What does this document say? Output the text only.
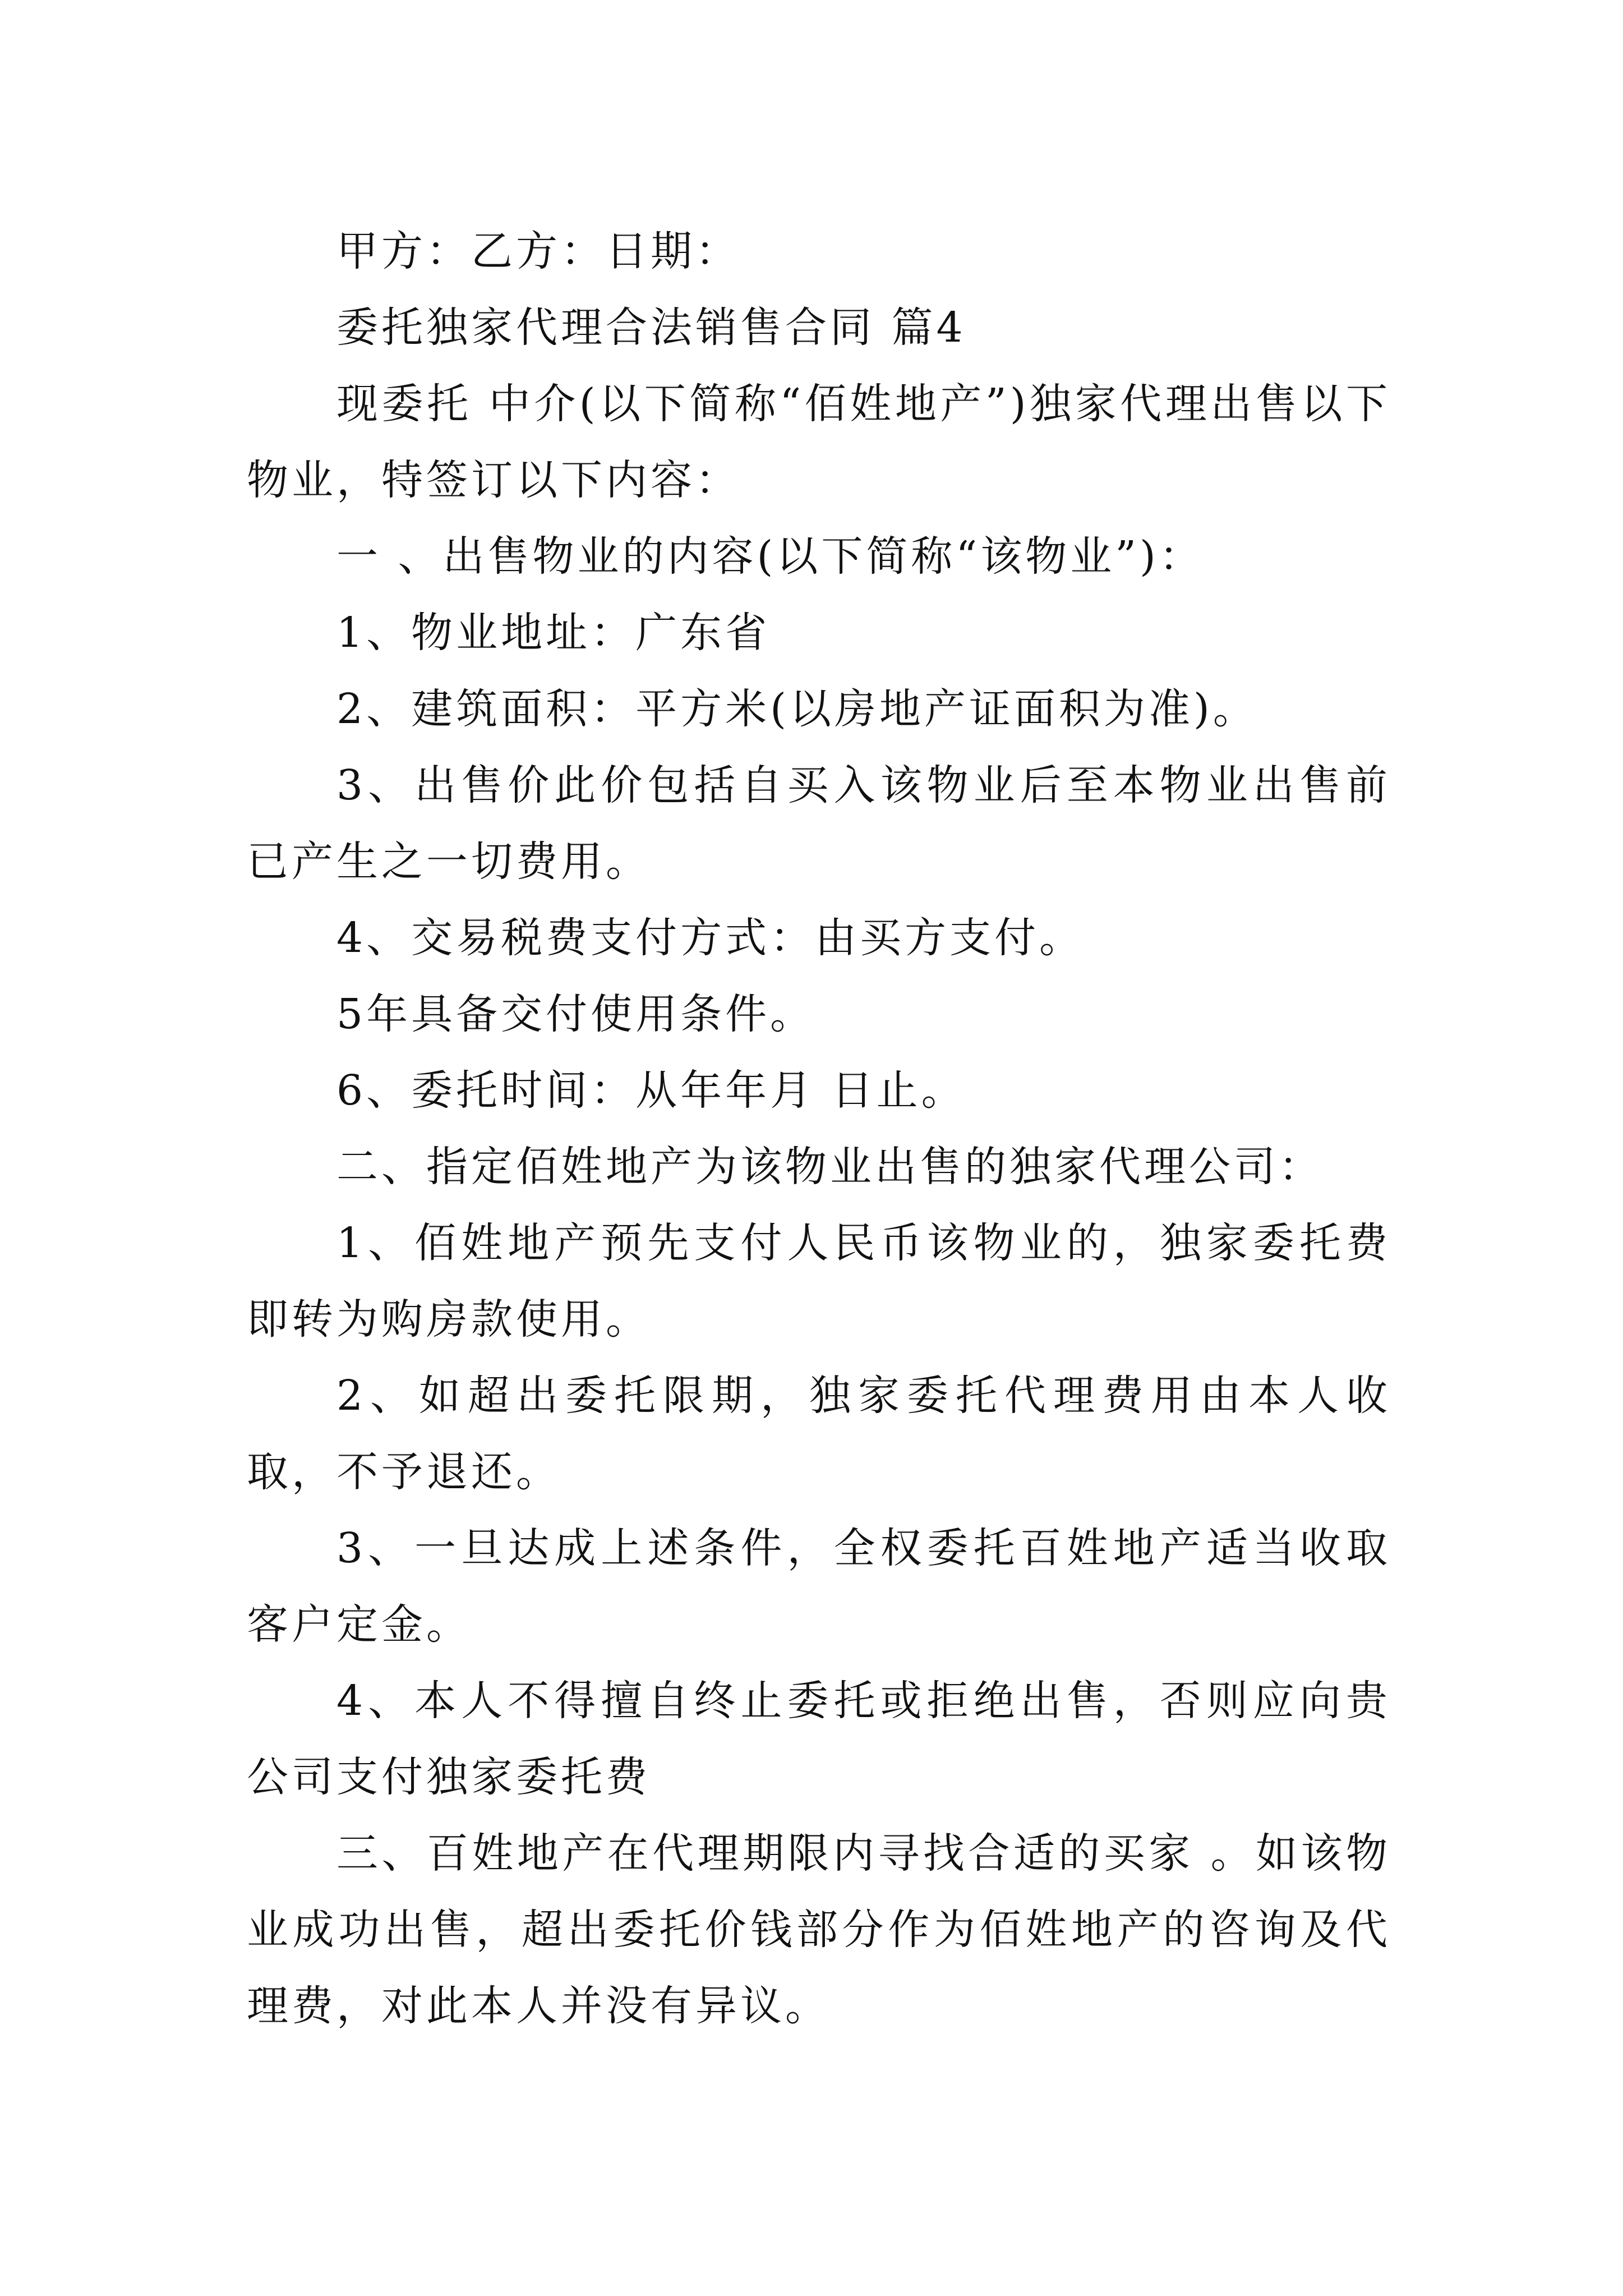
甲方：乙方：日期：

委托独家代理合法销售合同 篇4

现委托 中介(以下简称“佰姓地产”)独家代理出售以下物业，特签订以下内容：

一 、出售物业的内容(以下简称“该物业”)：

1、物业地址：广东省

2、建筑面积：平方米(以房地产证面积为准)。

3、出售价此价包括自买入该物业后至本物业出售前已产生之一切费用。

4、交易税费支付方式：由买方支付。

5年具备交付使用条件。

6、委托时间：从年年月 日止。

二、指定佰姓地产为该物业出售的独家代理公司：

1、佰姓地产预先支付人民币该物业的，独家委托费即转为购房款使用。

2、如超出委托限期，独家委托代理费用由本人收取，不予退还。

3、一旦达成上述条件，全权委托百姓地产适当收取客户定金。

4、本人不得擅自终止委托或拒绝出售，否则应向贵公司支付独家委托费

三、百姓地产在代理期限内寻找合适的买家 。如该物业成功出售，超出委托价钱部分作为佰姓地产的咨询及代理费，对此本人并没有异议。
